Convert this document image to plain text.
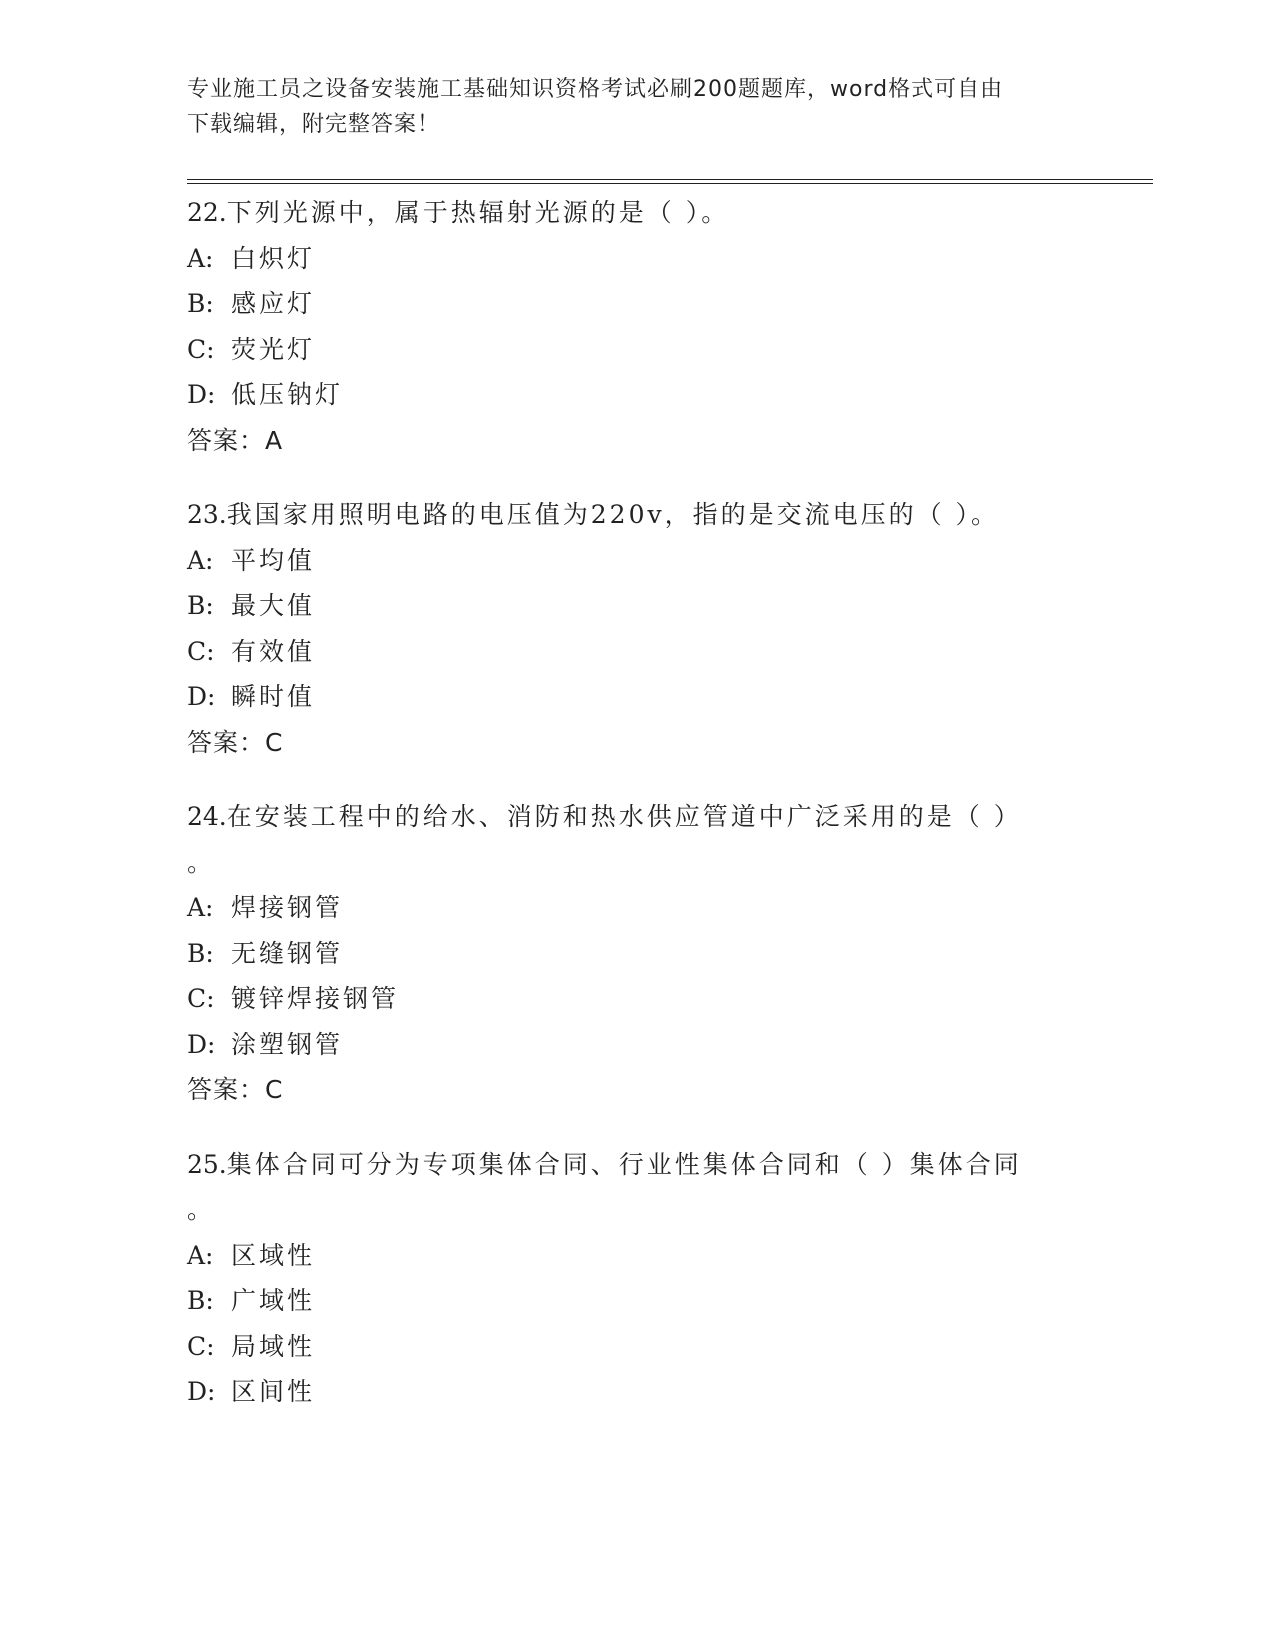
专业施工员之设备安装施工基础知识资格考试必刷200题题库，word格式可自由
下载编辑，附完整答案！
22.下列光源中，属于热辐射光源的是（ ）。
A: 白炽灯
B: 感应灯
C: 荧光灯
D: 低压钠灯
答案：A
23.我国家用照明电路的电压值为220v，指的是交流电压的（ ）。
A: 平均值
B: 最大值
C: 有效值
D: 瞬时值
答案：C
24.在安装工程中的给水、消防和热水供应管道中广泛采用的是（ ）
。
A: 焊接钢管
B: 无缝钢管
C: 镀锌焊接钢管
D: 涂塑钢管
答案：C
25.集体合同可分为专项集体合同、行业性集体合同和（ ）集体合同
。
A: 区域性
B: 广域性
C: 局域性
D: 区间性
